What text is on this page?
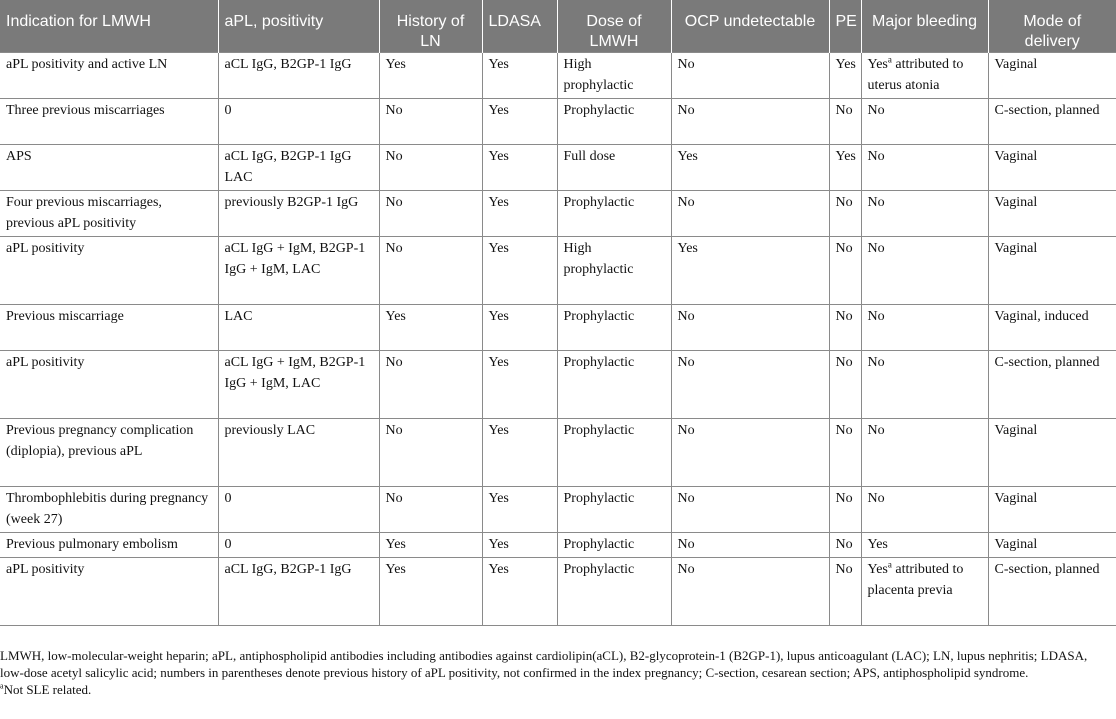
Indication for LMWH	aPL, positivity	History of LN	LDASA	Dose of LMWH	OCP undetectable	PE	Major bleeding	Mode of delivery
aPL positivity and active LN	aCL IgG, B2GP-1 IgG	Yes	Yes	High prophylactic	No	Yes	Yes$^a$ attributed to uterus atonia	Vaginal
Three previous miscarriages	0	No	Yes	Prophylactic	No	No	No	C-section, planned
APS	aCL IgG, B2GP-1 IgG LAC	No	Yes	Full dose	Yes	Yes	No	Vaginal
Four previous miscarriages, previous aPL positivity	previously B2GP-1 IgG	No	Yes	Prophylactic	No	No	No	Vaginal
aPL positivity	aCL IgG + IgM, B2GP-1 IgG + IgM, LAC	No	Yes	High prophylactic	Yes	No	No	Vaginal
Previous miscarriage	LAC	Yes	Yes	Prophylactic	No	No	No	Vaginal, induced
aPL positivity	aCL IgG + IgM, B2GP-1 IgG + IgM, LAC	No	Yes	Prophylactic	No	No	No	C-section, planned
Previous pregnancy complication (diplopia), previous aPL	previously LAC	No	Yes	Prophylactic	No	No	No	Vaginal
Thrombophlebitis during pregnancy (week 27)	0	No	Yes	Prophylactic	No	No	No	Vaginal
Previous pulmonary embolism	0	Yes	Yes	Prophylactic	No	No	Yes	Vaginal
aPL positivity	aCL IgG, B2GP-1 IgG	Yes	Yes	Prophylactic	No	No	Yes$^a$ attributed to placenta previa	C-section, planned

LMWH, low-molecular-weight heparin; aPL, antiphospholipid antibodies including antibodies against cardiolipin(aCL), B2-glycoprotein-1 (B2GP-1), lupus anticoagulant (LAC); LN, lupus nephritis; LDASA, low-dose acetyl salicylic acid; numbers in parentheses denote previous history of aPL positivity, not confirmed in the index pregnancy; C-section, cesarean section; APS, antiphospholipid syndrome.

$^a$Not SLE related.
